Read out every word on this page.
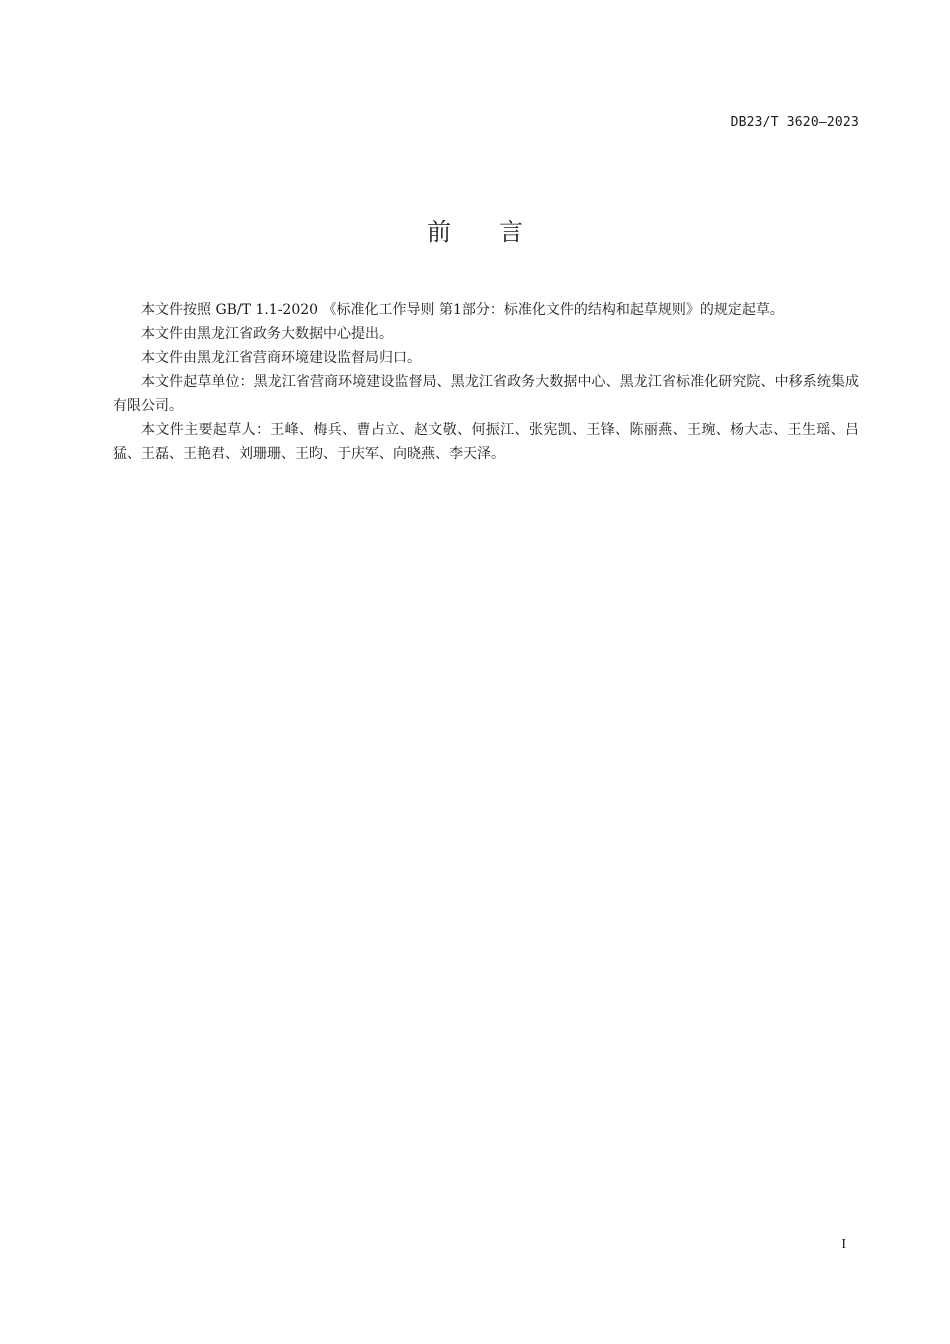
DB23/T 3620—2023
前言

本文件按照 GB/T 1.1-2020 《标准化工作导则 第1部分：标准化文件的结构和起草规则》的规定起草。

本文件由黑龙江省政务大数据中心提出。

本文件由黑龙江省营商环境建设监督局归口。

本文件起草单位：黑龙江省营商环境建设监督局、黑龙江省政务大数据中心、黑龙江省标准化研究院、中移系统集成有限公司。

本文件主要起草人：王峰、梅兵、曹占立、赵文敬、何振江、张宪凯、王锋、陈丽燕、王琬、杨大志、王生瑶、吕猛、王磊、王艳君、刘珊珊、王昀、于庆军、向晓燕、李天泽。

I
